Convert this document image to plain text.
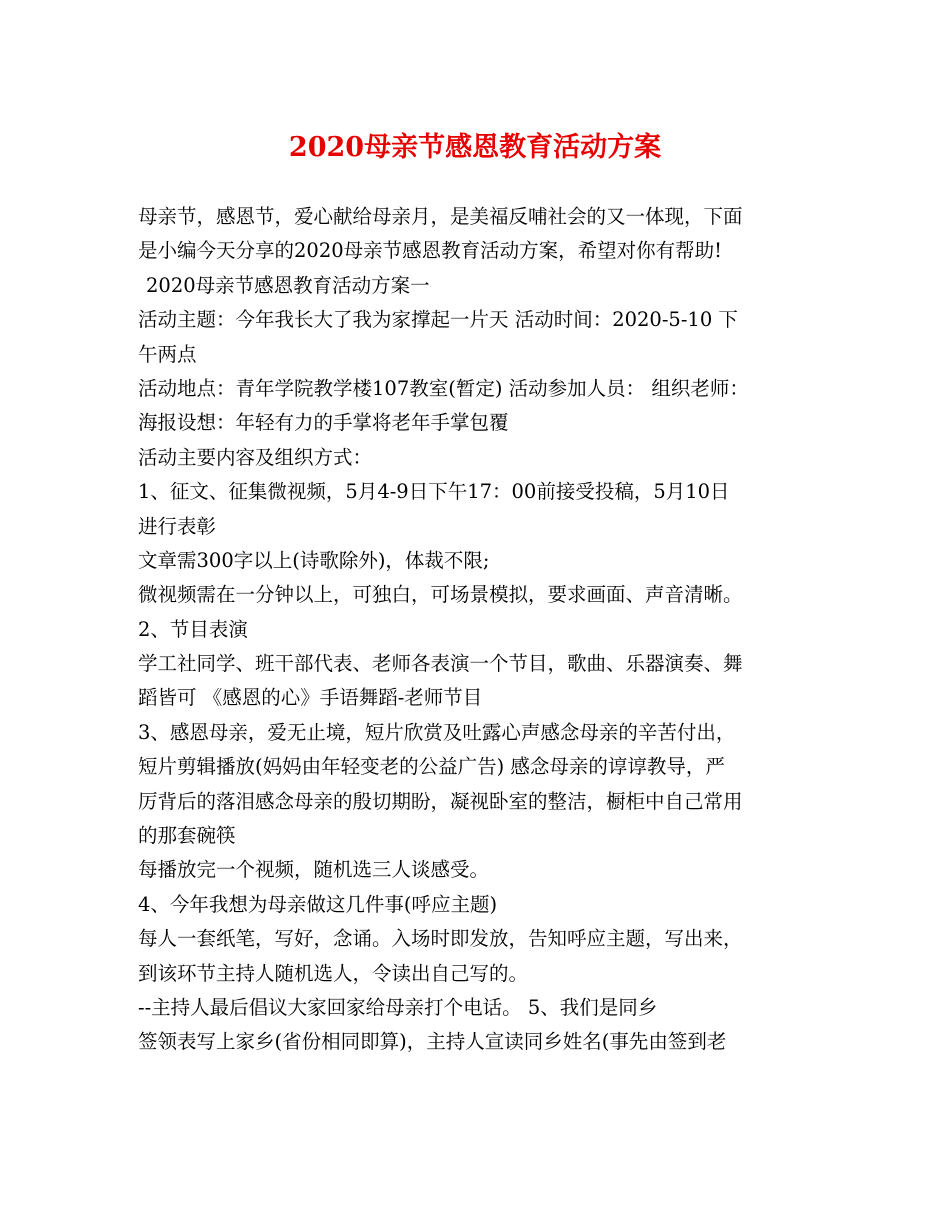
2020母亲节感恩教育活动方案
母亲节，感恩节，爱心献给母亲月，是美福反哺社会的又一体现，下面
是小编今天分享的2020母亲节感恩教育活动方案，希望对你有帮助!
2020母亲节感恩教育活动方案一
活动主题：今年我长大了我为家撑起一片天 活动时间：2020-5-10 下
午两点
活动地点：青年学院教学楼107教室(暂定) 活动参加人员： 组织老师：
海报设想：年轻有力的手掌将老年手掌包覆
活动主要内容及组织方式：
1、征文、征集微视频，5月4-9日下午17：00前接受投稿，5月10日
进行表彰
文章需300字以上(诗歌除外)，体裁不限;
微视频需在一分钟以上，可独白，可场景模拟，要求画面、声音清晰。
2、节目表演
学工社同学、班干部代表、老师各表演一个节目，歌曲、乐器演奏、舞
蹈皆可 《感恩的心》手语舞蹈-老师节目
3、感恩母亲，爱无止境，短片欣赏及吐露心声感念母亲的辛苦付出，
短片剪辑播放(妈妈由年轻变老的公益广告) 感念母亲的谆谆教导，严
厉背后的落泪感念母亲的殷切期盼，凝视卧室的整洁，橱柜中自己常用
的那套碗筷
每播放完一个视频，随机选三人谈感受。
4、今年我想为母亲做这几件事(呼应主题)
每人一套纸笔，写好，念诵。入场时即发放，告知呼应主题，写出来，
到该环节主持人随机选人，令读出自己写的。
--主持人最后倡议大家回家给母亲打个电话。 5、我们是同乡
签领表写上家乡(省份相同即算)，主持人宣读同乡姓名(事先由签到老
